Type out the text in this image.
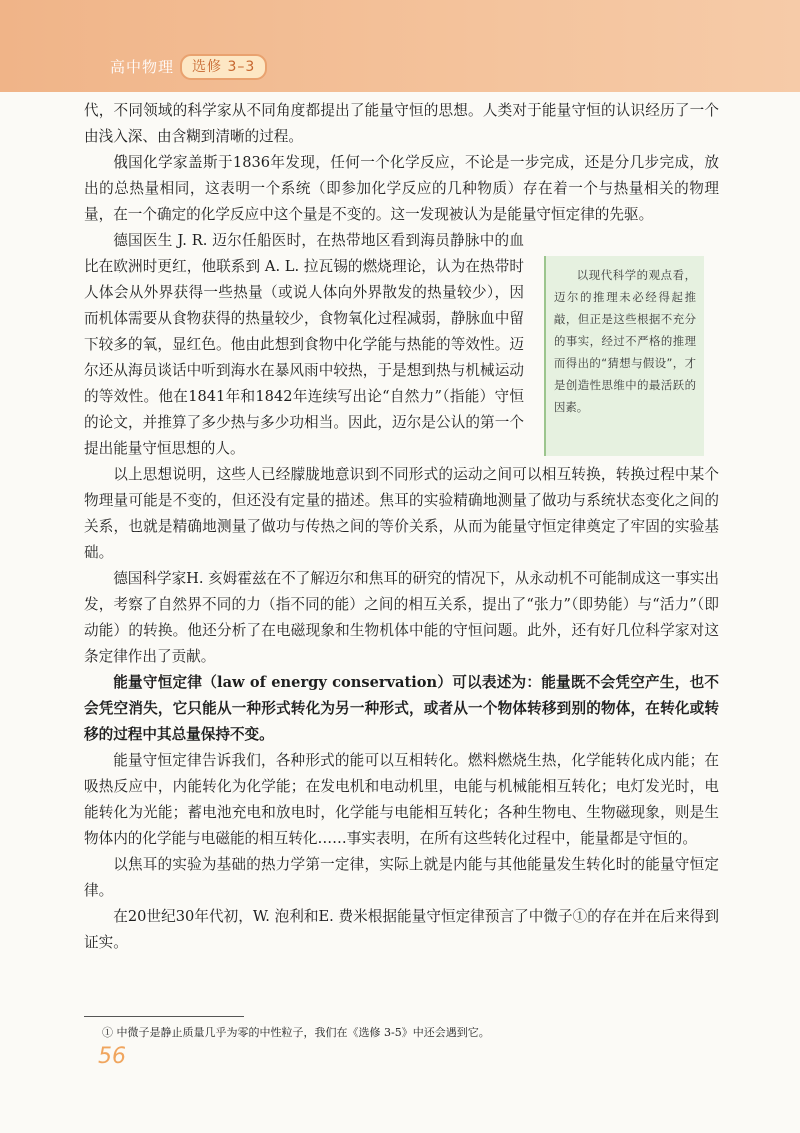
高中物理	选修 3–3

代，不同领域的科学家从不同角度都提出了能量守恒的思想。人类对于能量守恒的认识经历了一个由浅入深、由含糊到清晰的过程。

俄国化学家盖斯于1836年发现，任何一个化学反应，不论是一步完成，还是分几步完成，放出的总热量相同，这表明一个系统（即参加化学反应的几种物质）存在着一个与热量相关的物理量，在一个确定的化学反应中这个量是不变的。这一发现被认为是能量守恒定律的先驱。

德国医生 J. R. 迈尔任船医时，在热带地区看到海员静脉中的血比在欧洲时更红，他联系到 A. L. 拉瓦锡的燃烧理论，认为在热带时人体会从外界获得一些热量（或说人体向外界散发的热量较少），因而机体需要从食物获得的热量较少，食物氧化过程减弱，静脉血中留下较多的氧，显红色。他由此想到食物中化学能与热能的等效性。迈尔还从海员谈话中听到海水在暴风雨中较热，于是想到热与机械运动的等效性。他在1841年和1842年连续写出论“自然力”（指能）守恒的论文，并推算了多少热与多少功相当。因此，迈尔是公认的第一个提出能量守恒思想的人。

以现代科学的观点看，迈尔的推理未必经得起推敲，但正是这些根据不充分的事实，经过不严格的推理而得出的“猜想与假设”，才是创造性思维中的最活跃的因素。

以上思想说明，这些人已经朦胧地意识到不同形式的运动之间可以相互转换，转换过程中某个物理量可能是不变的，但还没有定量的描述。焦耳的实验精确地测量了做功与系统状态变化之间的关系，也就是精确地测量了做功与传热之间的等价关系，从而为能量守恒定律奠定了牢固的实验基础。

德国科学家H. 亥姆霍兹在不了解迈尔和焦耳的研究的情况下，从永动机不可能制成这一事实出发，考察了自然界不同的力（指不同的能）之间的相互关系，提出了“张力”（即势能）与“活力”（即动能）的转换。他还分析了在电磁现象和生物机体中能的守恒问题。此外，还有好几位科学家对这条定律作出了贡献。

能量守恒定律（law of energy conservation）可以表述为：能量既不会凭空产生，也不会凭空消失，它只能从一种形式转化为另一种形式，或者从一个物体转移到别的物体，在转化或转移的过程中其总量保持不变。

能量守恒定律告诉我们，各种形式的能可以互相转化。燃料燃烧生热，化学能转化成内能；在吸热反应中，内能转化为化学能；在发电机和电动机里，电能与机械能相互转化；电灯发光时，电能转化为光能；蓄电池充电和放电时，化学能与电能相互转化；各种生物电、生物磁现象，则是生物体内的化学能与电磁能的相互转化……事实表明，在所有这些转化过程中，能量都是守恒的。

以焦耳的实验为基础的热力学第一定律，实际上就是内能与其他能量发生转化时的能量守恒定律。

在20世纪30年代初，W. 泡利和E. 费米根据能量守恒定律预言了中微子①的存在并在后来得到证实。

① 中微子是静止质量几乎为零的中性粒子，我们在《选修 3-5》中还会遇到它。
56
